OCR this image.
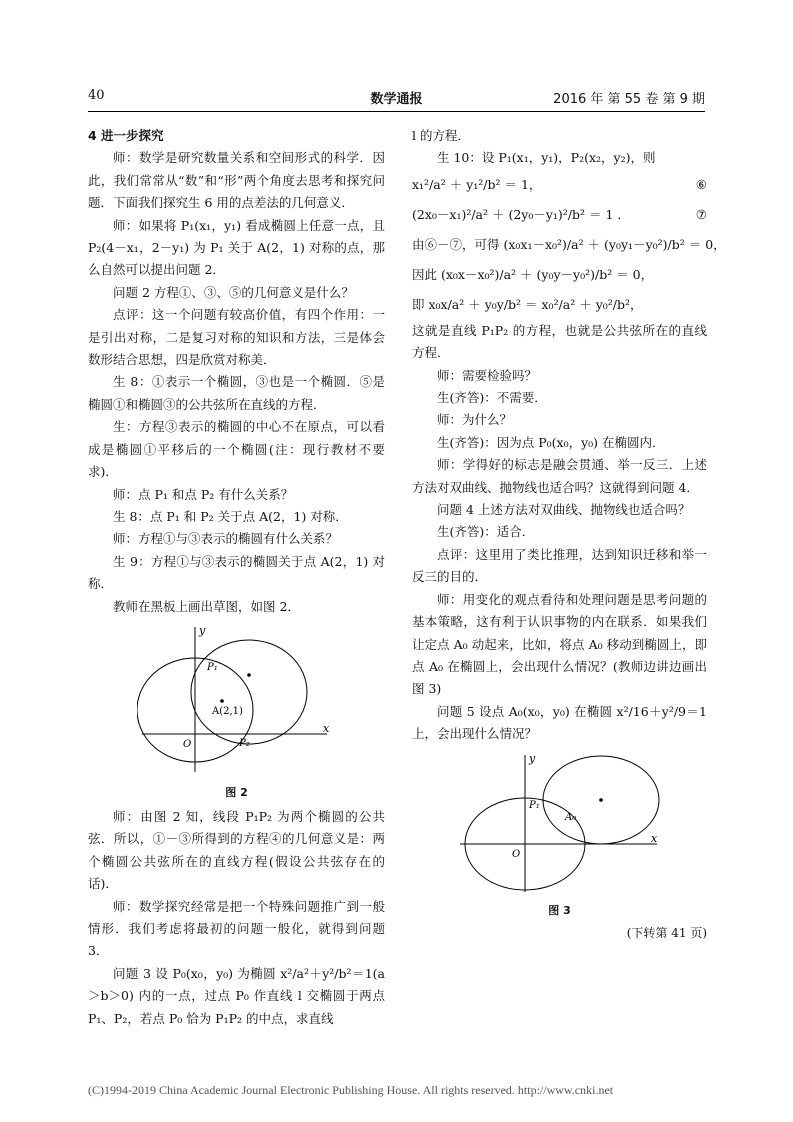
40	数学通报	2016 年 第 55 卷 第 9 期

4 进一步探究

师：数学是研究数量关系和空间形式的科学．因此，我们常常从“数”和“形”两个角度去思考和探究问题．下面我们探究生 6 用的点差法的几何意义．

师：如果将 P₁(x₁，y₁) 看成椭圆上任意一点，且 P₂(4－x₁，2－y₁) 为 P₁ 关于 A(2，1) 对称的点，那么自然可以提出问题 2．

问题 2 方程①、③、⑤的几何意义是什么？

点评：这一个问题有较高价值，有四个作用：一是引出对称，二是复习对称的知识和方法，三是体会数形结合思想，四是欣赏对称美．

生 8：①表示一个椭圆，③也是一个椭圆．⑤是椭圆①和椭圆③的公共弦所在直线的方程．

生：方程③表示的椭圆的中心不在原点，可以看成是椭圆①平移后的一个椭圆(注：现行教材不要求)．

师：点 P₁ 和点 P₂ 有什么关系？

生 8：点 P₁ 和 P₂ 关于点 A(2，1) 对称．

师：方程①与③表示的椭圆有什么关系？

生 9：方程①与③表示的椭圆关于点 A(2，1) 对称．

教师在黑板上画出草图，如图 2．

y
x
O
P₁
P₂
A(2,1)
图 2

师：由图 2 知，线段 P₁P₂ 为两个椭圆的公共弦．所以，①－③所得到的方程④的几何意义是：两个椭圆公共弦所在的直线方程(假设公共弦存在的话)．

师：数学探究经常是把一个特殊问题推广到一般情形．我们考虑将最初的问题一般化，就得到问题 3．

问题 3 设 P₀(x₀，y₀) 为椭圆 x²/a²＋y²/b²＝1(a＞b＞0) 内的一点，过点 P₀ 作直线 l 交椭圆于两点 P₁、P₂，若点 P₀ 恰为 P₁P₂ 的中点，求直线

l 的方程．

生 10：设 P₁(x₁，y₁)，P₂(x₂，y₂)，则

x₁²/a² ＋ y₁²/b² ＝ 1，	⑥
(2x₀－x₁)²/a² ＋ (2y₀－y₁)²/b² ＝ 1 ．	⑦
由⑥－⑦，可得 (x₀x₁－x₀²)/a² ＋ (y₀y₁－y₀²)/b² ＝ 0，
因此 (x₀x－x₀²)/a² ＋ (y₀y－y₀²)/b² ＝ 0，
即 x₀x/a² ＋ y₀y/b² ＝ x₀²/a² ＋ y₀²/b²，

这就是直线 P₁P₂ 的方程，也就是公共弦所在的直线方程．

师：需要检验吗？

生(齐答)：不需要．

师：为什么？

生(齐答)：因为点 P₀(x₀，y₀) 在椭圆内．

师：学得好的标志是融会贯通、举一反三．上述方法对双曲线、抛物线也适合吗？这就得到问题 4．

问题 4 上述方法对双曲线、抛物线也适合吗？

生(齐答)：适合．

点评：这里用了类比推理，达到知识迁移和举一反三的目的．

师：用变化的观点看待和处理问题是思考问题的基本策略，这有利于认识事物的内在联系．如果我们让定点 A₀ 动起来，比如，将点 A₀ 移动到椭圆上，即点 A₀ 在椭圆上，会出现什么情况？(教师边讲边画出图 3)

问题 5 设点 A₀(x₀，y₀) 在椭圆 x²/16＋y²/9＝1 上，会出现什么情况？

y
x
O
P₁
A₀
图 3
(下转第 41 页)
(C)1994-2019 China Academic Journal Electronic Publishing House. All rights reserved. http://www.cnki.net
